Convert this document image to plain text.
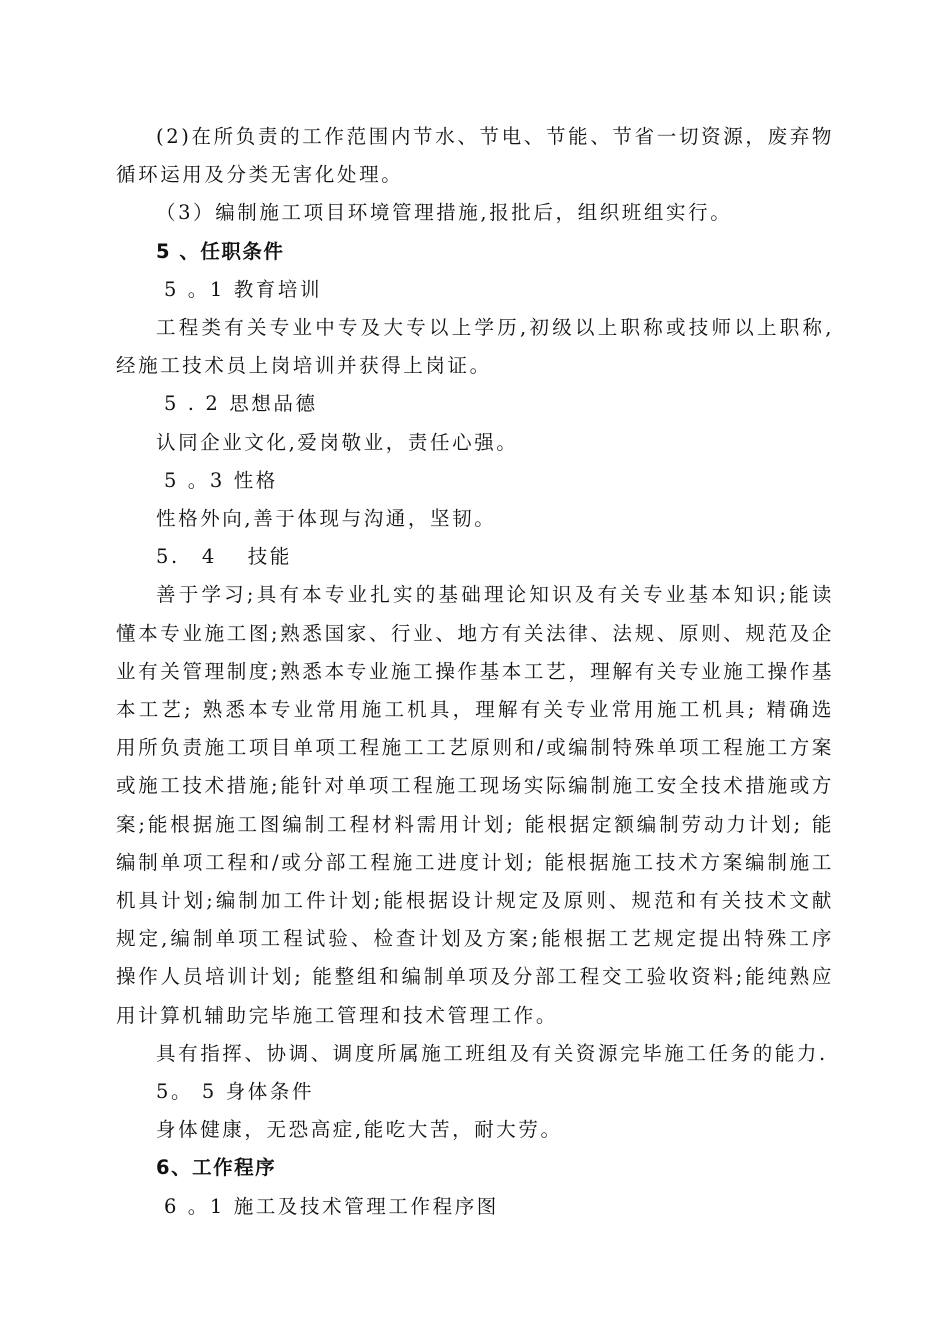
(2)在所负责的工作范围内节水、节电、节能、节省一切资源，废弃物循环运用及分类无害化处理。

（3）编制施工项目环境管理措施,报批后，组织班组实行。

5 、任职条件

5 。1 教育培训

工程类有关专业中专及大专以上学历,初级以上职称或技师以上职称,经施工技术员上岗培训并获得上岗证。

5 . 2 思想品德

认同企业文化,爱岗敬业，责任心强。

5 。3 性格

性格外向,善于体现与沟通，坚韧。

5.　4　 技能

善于学习;具有本专业扎实的基础理论知识及有关专业基本知识;能读懂本专业施工图;熟悉国家、行业、地方有关法律、法规、原则、规范及企业有关管理制度;熟悉本专业施工操作基本工艺，理解有关专业施工操作基本工艺; 熟悉本专业常用施工机具，理解有关专业常用施工机具; 精确选用所负责施工项目单项工程施工工艺原则和/或编制特殊单项工程施工方案或施工技术措施;能针对单项工程施工现场实际编制施工安全技术措施或方案;能根据施工图编制工程材料需用计划; 能根据定额编制劳动力计划; 能编制单项工程和/或分部工程施工进度计划; 能根据施工技术方案编制施工机具计划;编制加工件计划;能根据设计规定及原则、规范和有关技术文献规定,编制单项工程试验、检查计划及方案;能根据工艺规定提出特殊工序操作人员培训计划; 能整组和编制单项及分部工程交工验收资料;能纯熟应用计算机辅助完毕施工管理和技术管理工作。

具有指挥、协调、调度所属施工班组及有关资源完毕施工任务的能力.

5。 5 身体条件

身体健康，无恐高症,能吃大苦，耐大劳。

6、工作程序

6 。1 施工及技术管理工作程序图
